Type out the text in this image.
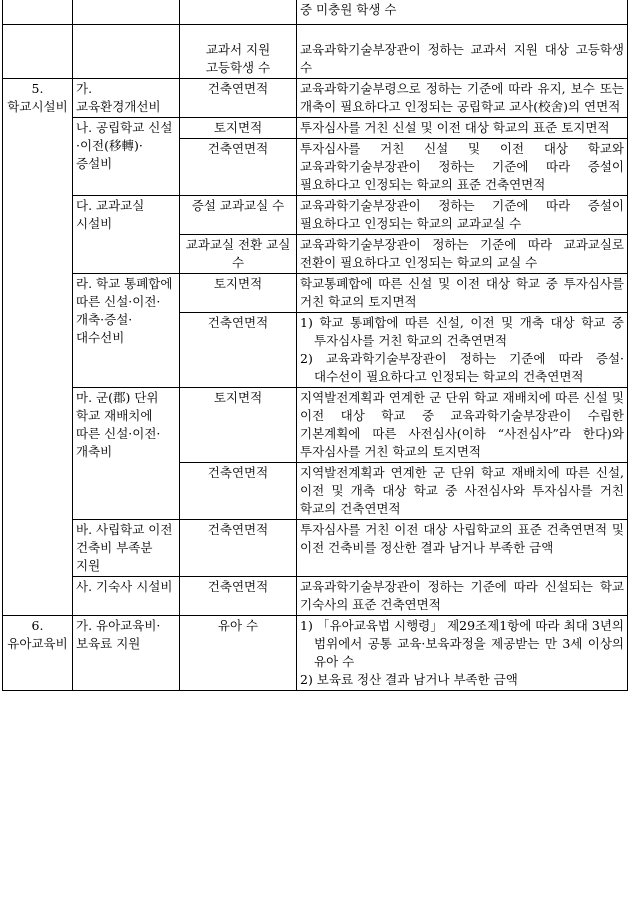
			중 미충원 학생 수
		교과서 지원 고등학생 수	교육과학기술부장관이 정하는 교과서 지원 대상 고등학생 수
5. 학교시설비	가. 교육환경개선비	건축연면적	교육과학기술부령으로 정하는 기준에 따라 유지, 보수 또는 개축이 필요하다고 인정되는 공립학교 교사(校舍)의 연면적
	나. 공립학교 신설·이전(移轉)·증설비	토지면적	투자심사를 거친 신설 및 이전 대상 학교의 표준 토지면적
		건축연면적	투자심사를 거친 신설 및 이전 대상 학교와 교육과학기술부장관이 정하는 기준에 따라 증설이 필요하다고 인정되는 학교의 표준 건축연면적
	다. 교과교실 시설비	증설 교과교실 수	교육과학기술부장관이 정하는 기준에 따라 증설이 필요하다고 인정되는 학교의 교과교실 수
		교과교실 전환 교실 수	교육과학기술부장관이 정하는 기준에 따라 교과교실로 전환이 필요하다고 인정되는 학교의 교실 수
	라. 학교 통폐합에 따른 신설·이전·개축·증설·대수선비	토지면적	학교통폐합에 따른 신설 및 이전 대상 학교 중 투자심사를 거친 학교의 토지면적
		건축연면적	1) 학교 통폐합에 따른 신설, 이전 및 개축 대상 학교 중 투자심사를 거친 학교의 건축연면적
2) 교육과학기술부장관이 정하는 기준에 따라 증설·대수선이 필요하다고 인정되는 학교의 건축연면적

	마. 군(郡) 단위 학교 재배치에 따른 신설·이전·개축비	토지면적	지역발전계획과 연계한 군 단위 학교 재배치에 따른 신설 및 이전 대상 학교 중 교육과학기술부장관이 수립한 기본계획에 따른 사전심사(이하 “사전심사”라 한다)와 투자심사를 거친 학교의 토지면적
		건축연면적	지역발전계획과 연계한 군 단위 학교 재배치에 따른 신설, 이전 및 개축 대상 학교 중 사전심사와 투자심사를 거친 학교의 건축연면적
	바. 사립학교 이전 건축비 부족분 지원	건축연면적	투자심사를 거친 이전 대상 사립학교의 표준 건축연면적 및 이전 건축비를 정산한 결과 남거나 부족한 금액
	사. 기숙사 시설비	건축연면적	교육과학기술부장관이 정하는 기준에 따라 신설되는 학교 기숙사의 표준 건축연면적

6. 유아교육비	가. 유아교육비·보육료 지원	유아 수	1) 「유아교육법 시행령」 제29조제1항에 따라 최대 3년의 범위에서 공통 교육·보육과정을 제공받는 만 3세 이상의 유아 수
2) 보육료 정산 결과 남거나 부족한 금액
